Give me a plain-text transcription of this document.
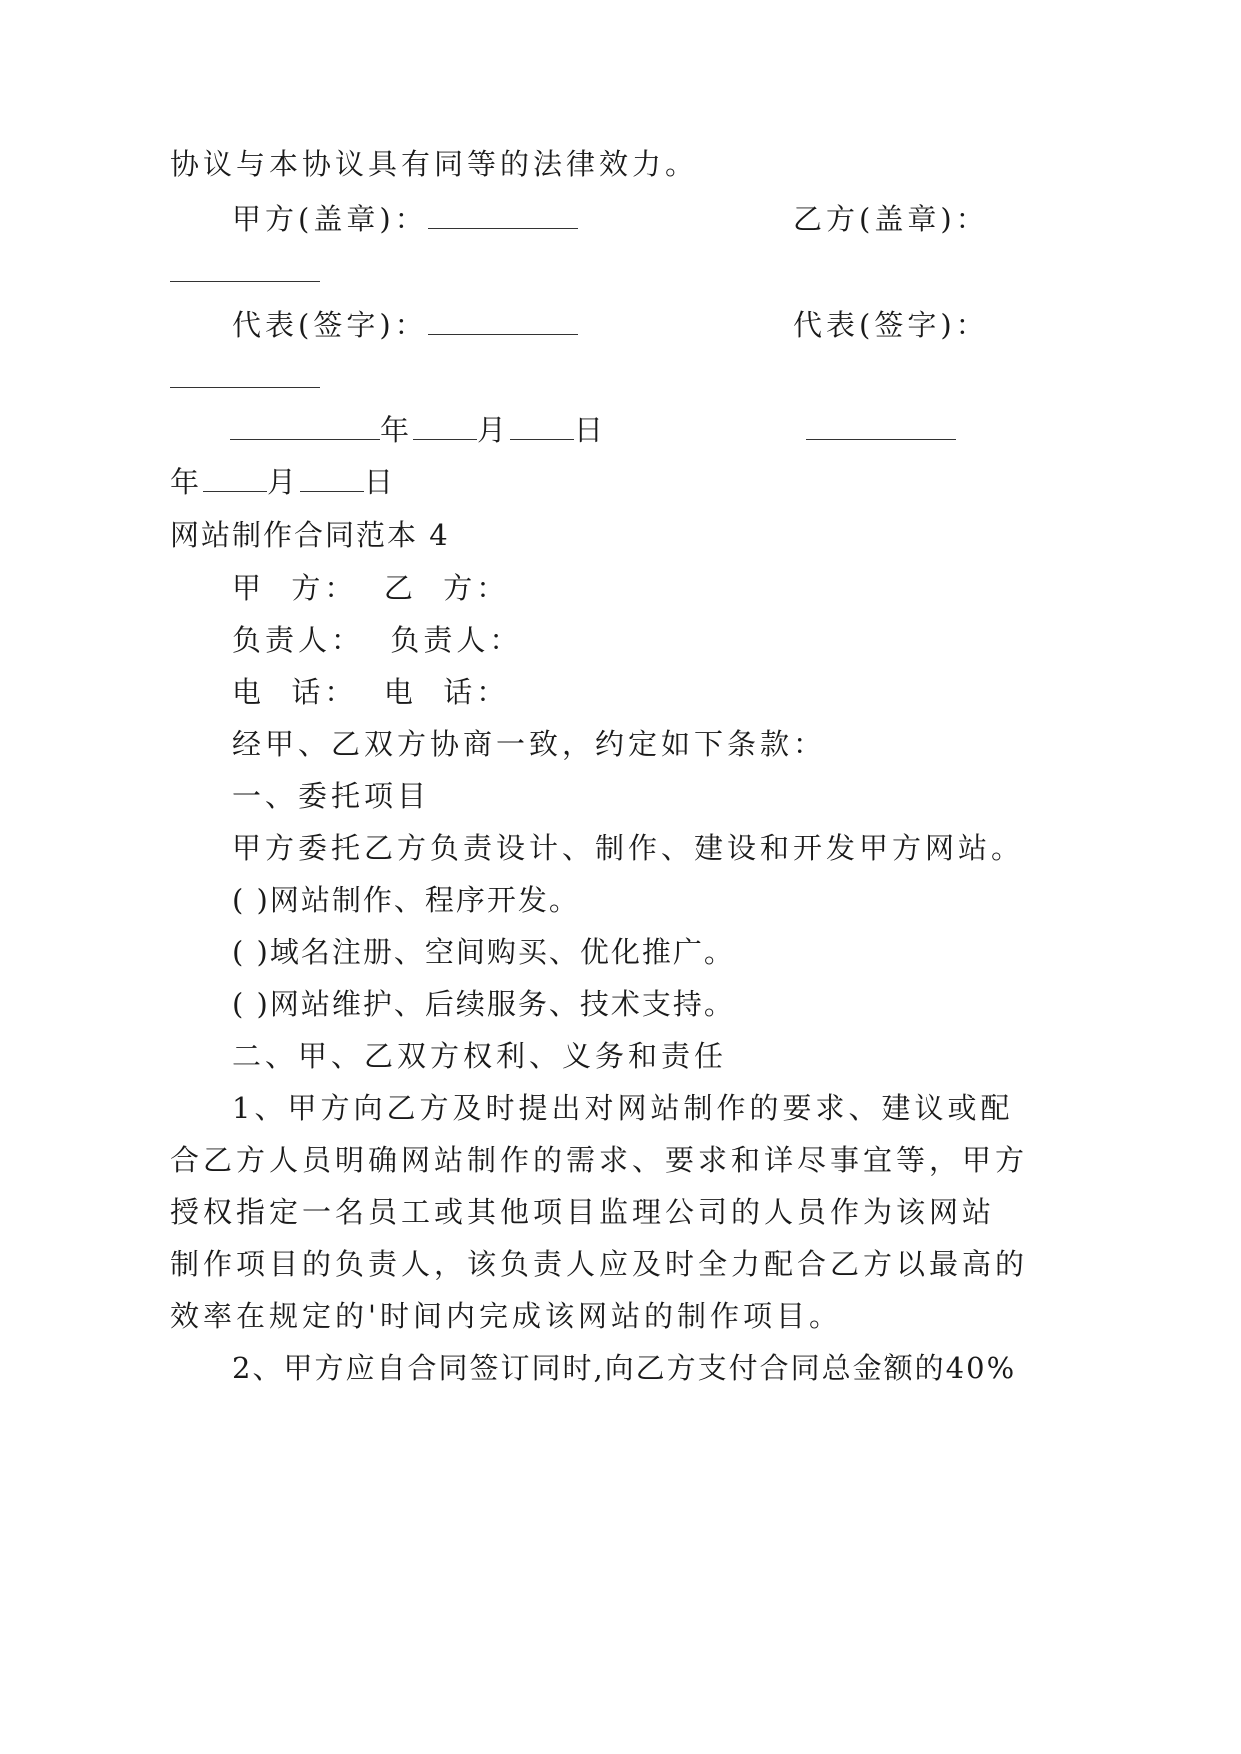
协议与本协议具有同等的法律效力。
甲方(盖章)：	乙方(盖章)：
代表(签字)：	代表(签字)：
年 月 日
年 月 日
网站制作合同范本 4
甲  方：  乙  方：
负责人：  负责人：
电  话：  电  话：
经甲、乙双方协商一致，约定如下条款：
一、委托项目
甲方委托乙方负责设计、制作、建设和开发甲方网站。
( )网站制作、程序开发。
( )域名注册、空间购买、优化推广。
( )网站维护、后续服务、技术支持。
二、甲、乙双方权利、义务和责任
1、甲方向乙方及时提出对网站制作的要求、建议或配
合乙方人员明确网站制作的需求、要求和详尽事宜等，甲方
授权指定一名员工或其他项目监理公司的人员作为该网站
制作项目的负责人，该负责人应及时全力配合乙方以最高的
效率在规定的'时间内完成该网站的制作项目。
2、甲方应自合同签订同时,向乙方支付合同总金额的40%
